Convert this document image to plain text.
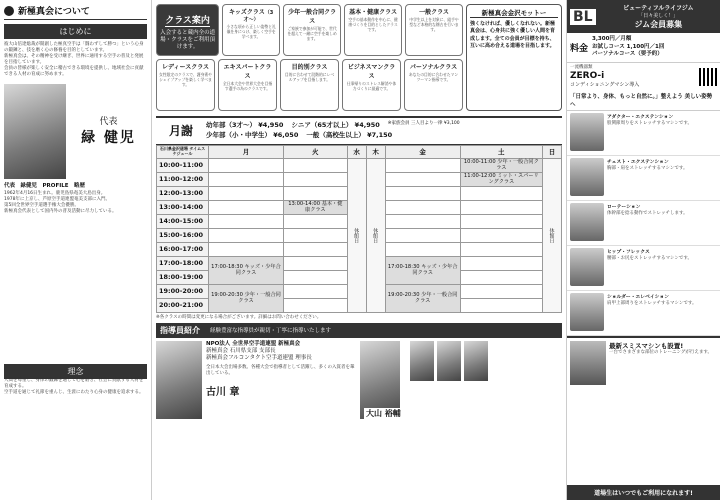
新極真会について
はじめに

彼大山倍達総裁が開創した極真空手は「闘わずして勝つ」という心身の鍛錬と、技を磨く心の修養を目的としています。

新極真会は、その精神を受け継ぎ、世界に通用する空手の普及と発展を目指しています。

会員の皆様が楽しく安全に稽古できる環境を提供し、地域社会に貢献できる人材の育成に努めます。

代表
緑 健児
代表　緑健児　PROFILE　略歴

1962年4月16日生まれ。鹿児島県奄美大島出身。

1978年に上京し、芦原空手道連盟奄美支部に入門。

第5回全世界空手道選手権大会優勝。

新極真会代表として国内外の普及活動に尽力している。

理念

人間を尊重し、身体の鍛錬を通じて心を磨き、社会に貢献する人材を育成する。

空手道を通じて礼節を重んじ、生涯にわたり心身の健康を追求する。

クラス案内

入会すると蔵内全の道場・クラスをご利用頂けます。

キッズクラス（3才〜）

小さな頃から正しい姿勢と礼儀を身につけ、楽しく空手を学べます。

少年一般合同クラス

ご家族で参加が可能で、世代を超えて一緒に空手を楽しめます。

基本・健康クラス

空手の基本動作を中心に、健康づくりを目的としたクラスです。

一般クラス

中学生以上を対象に、組手や型など本格的な稽古を行います。

レディースクラス

女性限定のクラスで、護身術やシェイプアップを楽しく学べます。

エキスパートクラス

全日本大会や世界大会を目指す選手の為のクラスです。

目的別クラス

目的に合わせて段階的にレベルアップを目指します。

ビジネスマンクラス

仕事帰りのストレス解消や体力づくりに最適です。

パーソナルクラス

あなたの目的に合わせたマンツーマン指導です。

新極真会金沢モットー
強くなければ、優しくなれない。新極真会は、心身共に強く優しい人間を育成します。全ての会員が目標を持ち、互いに高め合える道場を目指します。
月謝	幼年部（3才〜） ¥4,950 シニア（65才以上） ¥4,950 ※家族会員 三人目より一律 ¥3,100
少年部（小・中学生） ¥6,050 一般（高校生以上） ¥7,150
石川県金沢道場 タイムスケジュール	月	火	水	木	金	土	日
10:00-11:00			休館日	休館日		10:00-11:00 少年・一般合同クラス	休館日
11:00-12:00						11:00-12:00 ミット・スパーリングクラス	
12:00-13:00							
13:00-14:00		13:00-14:00 基本・健康クラス					
14:00-15:00							
15:00-16:00							
16:00-17:00							
17:00-18:00	17:00-18:30 キッズ・少年合同クラス				17:00-18:30 キッズ・少年合同クラス		
18:00-19:00							
19:00-20:00	19:00-20:30 少年・一般合同クラス				19:00-20:30 少年・一般合同クラス		
20:00-21:00							
※各クラスの時間は変更になる場合がございます。詳細はお問い合わせください。
指導員紹介 経験豊富な指導員が親切・丁寧に指導いたします
NPO法人 全世界空手道連盟 新極真会
新極真会 石川県支部 支部長
新極真会フルコンタクト空手道連盟 理事長
全日本大会出場多数。各種大会で指導者として活躍し、多くの入賞者を輩出している。
古川 章
大山 裕輔
BL	ビューティフルライフジム
「日々美しく！」
ジム会員募集
料金
3,300円／月額
お試しコース 1,100円／1回
パーソナルコース（要予約）
一流機器類
ZERO-i
コンディショニングマシン導入
「日常より、身体、もっと自然に。」整えよう 美しい姿勢へ
アダクター・エクステンション
股関節周りをストレッチするマシンです。
チェスト・エクステンション
胸部・肩をストレッチするマシンです。
ローテーション
体幹部を捻る動作でストレッチします。
ヒップ・フレックス
腰部・お尻をストレッチするマシンです。
ショルダー・エレベイション
肩甲上部周りをストレッチするマシンです。
最新スミスマシンも設置!
一台でさまざまな部位のトレーニングが行えます。
道場生はいつでもご利用になれます!
